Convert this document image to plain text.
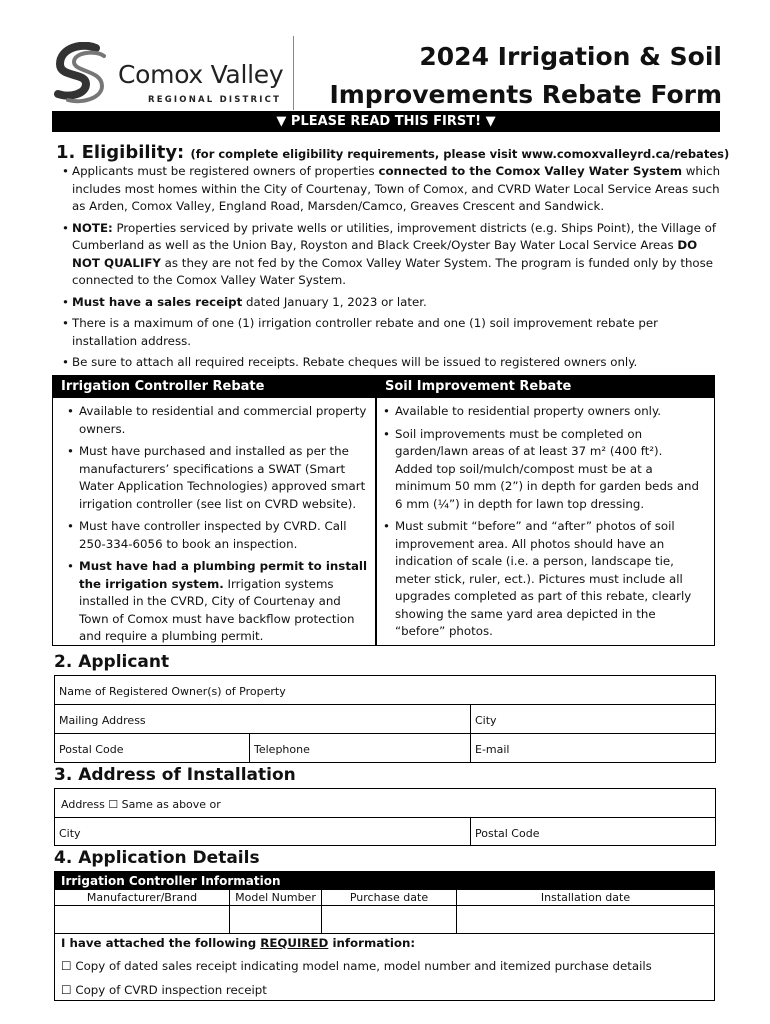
Comox Valley
REGIONAL DISTRICT
2024 Irrigation & Soil
Improvements Rebate Form
▼ PLEASE READ THIS FIRST! ▼
1. Eligibility: (for complete eligibility requirements, please visit www.comoxvalleyrd.ca/rebates)
• Applicants must be registered owners of properties connected to the Comox Valley Water System which includes most homes within the City of Courtenay, Town of Comox, and CVRD Water Local Service Areas such as Arden, Comox Valley, England Road, Marsden/Camco, Greaves Crescent and Sandwick.
• NOTE: Properties serviced by private wells or utilities, improvement districts (e.g. Ships Point), the Village of Cumberland as well as the Union Bay, Royston and Black Creek/Oyster Bay Water Local Service Areas DO NOT QUALIFY as they are not fed by the Comox Valley Water System. The program is funded only by those connected to the Comox Valley Water System.
• Must have a sales receipt dated January 1, 2023 or later.
• There is a maximum of one (1) irrigation controller rebate and one (1) soil improvement rebate per installation address.
• Be sure to attach all required receipts. Rebate cheques will be issued to registered owners only.
Irrigation Controller Rebate	Soil Improvement Rebate
• Available to residential and commercial property owners.
• Must have purchased and installed as per the manufacturers’ specifications a SWAT (Smart Water Application Technologies) approved smart irrigation controller (see list on CVRD website).
• Must have controller inspected by CVRD. Call 250-334-6056 to book an inspection.
• Must have had a plumbing permit to install the irrigation system. Irrigation systems installed in the CVRD, City of Courtenay and Town of Comox must have backflow protection and require a plumbing permit.
• Available to residential property owners only.
• Soil improvements must be completed on garden/lawn areas of at least 37 m² (400 ft²). Added top soil/mulch/compost must be at a minimum 50 mm (2”) in depth for garden beds and 6 mm (¼”) in depth for lawn top dressing.
• Must submit “before” and “after” photos of soil improvement area. All photos should have an indication of scale (i.e. a person, landscape tie, meter stick, ruler, ect.). Pictures must include all upgrades completed as part of this rebate, clearly showing the same yard area depicted in the “before” photos.
2. Applicant
Name of Registered Owner(s) of Property
Mailing Address	City
Postal Code	Telephone	E-mail
3. Address of Installation
Address ☐ Same as above or
City	Postal Code
4. Application Details
Irrigation Controller Information
Manufacturer/Brand	Model Number	Purchase date	Installation date
I have attached the following REQUIRED information:
☐ Copy of dated sales receipt indicating model name, model number and itemized purchase details
☐ Copy of CVRD inspection receipt
